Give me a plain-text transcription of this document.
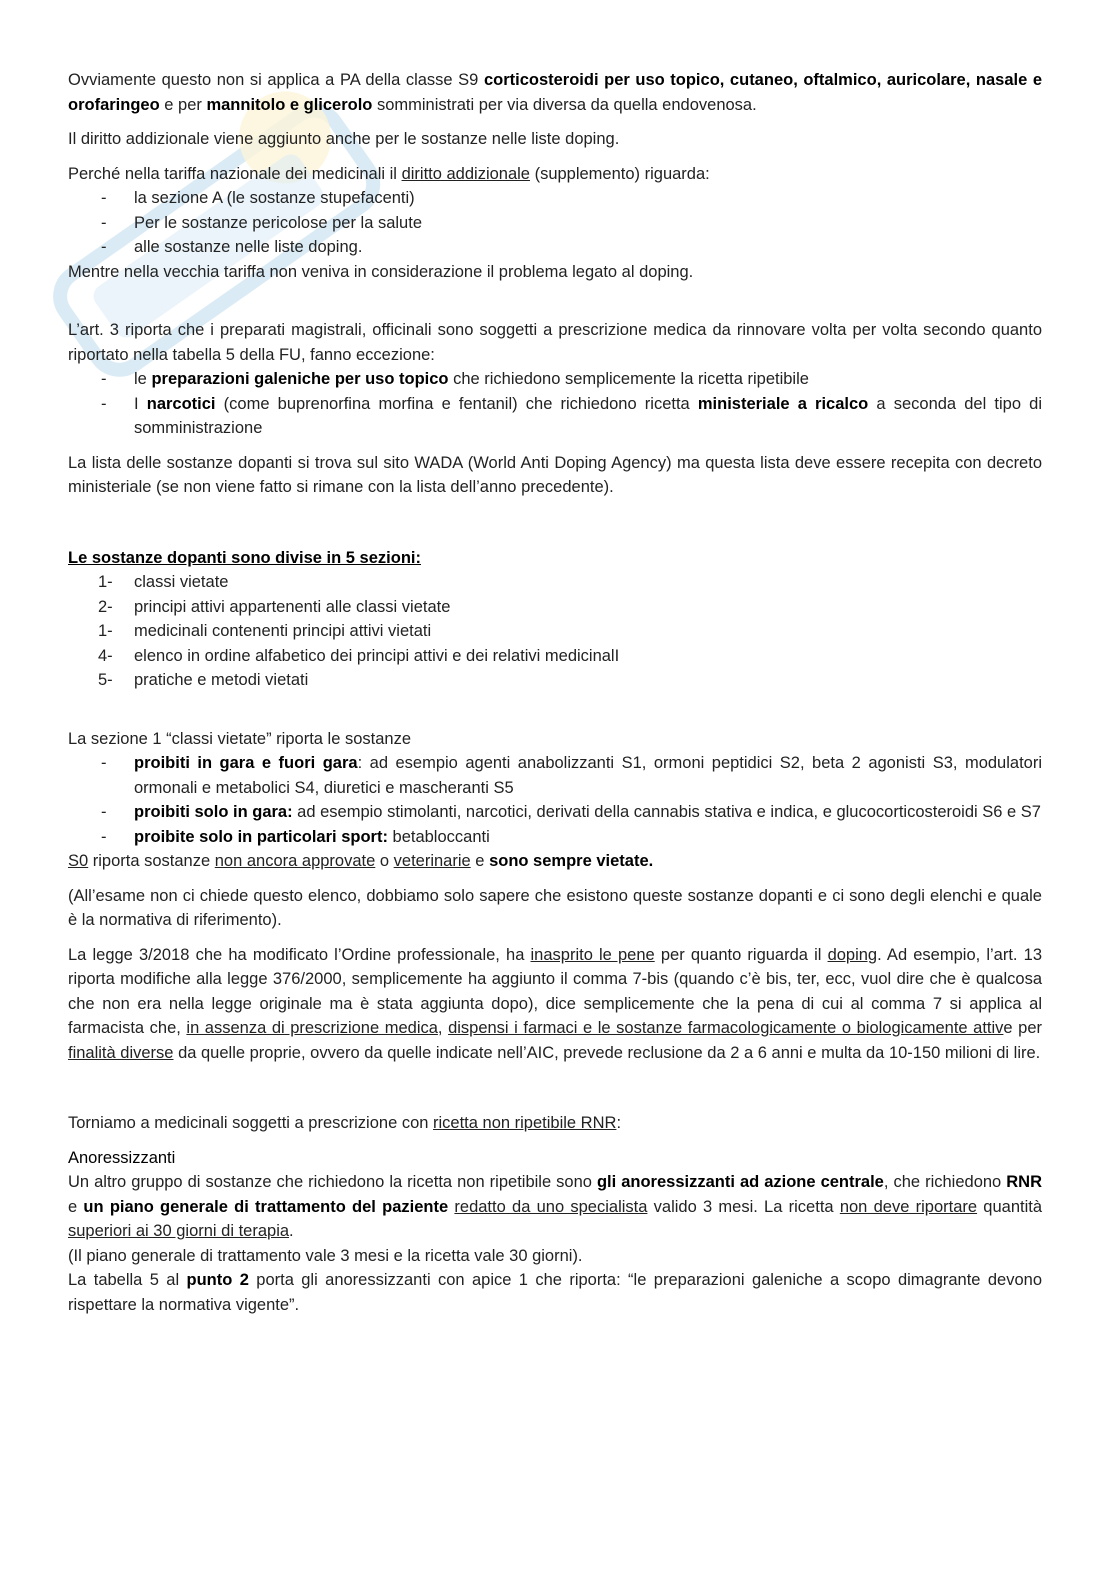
Ovviamente questo non si applica a PA della classe S9 corticosteroidi per uso topico, cutaneo, oftalmico, auricolare, nasale e orofaringeo e per mannitolo e glicerolo somministrati per via diversa da quella endovenosa.

Il diritto addizionale viene aggiunto anche per le sostanze nelle liste doping.

Perché nella tariffa nazionale dei medicinali il diritto addizionale (supplemento) riguarda:

- la sezione A (le sostanze stupefacenti)
- Per le sostanze pericolose per la salute
- alle sostanze nelle liste doping.

Mentre nella vecchia tariffa non veniva in considerazione il problema legato al doping.

L’art. 3 riporta che i preparati magistrali, officinali sono soggetti a prescrizione medica da rinnovare volta per volta secondo quanto riportato nella tabella 5 della FU, fanno eccezione:

- le preparazioni galeniche per uso topico che richiedono semplicemente la ricetta ripetibile
- I narcotici (come buprenorfina morfina e fentanil) che richiedono ricetta ministeriale a ricalco a seconda del tipo di somministrazione

La lista delle sostanze dopanti si trova sul sito WADA (World Anti Doping Agency) ma questa lista deve essere recepita con decreto ministeriale (se non viene fatto si rimane con la lista dell’anno precedente).

Le sostanze dopanti sono divise in 5 sezioni:

1- classi vietate
2- principi attivi appartenenti alle classi vietate
1- medicinali contenenti principi attivi vietati
4- elenco in ordine alfabetico dei principi attivi e dei relativi medicinalI
5- pratiche e metodi vietati

La sezione 1 “classi vietate” riporta le sostanze

- proibiti in gara e fuori gara: ad esempio agenti anabolizzanti S1, ormoni peptidici S2, beta 2 agonisti S3, modulatori ormonali e metabolici S4, diuretici e mascheranti S5
- proibiti solo in gara: ad esempio stimolanti, narcotici, derivati della cannabis stativa e indica, e glucocorticosteroidi S6 e S7
- proibite solo in particolari sport: betabloccanti

S0 riporta sostanze non ancora approvate o veterinarie e sono sempre vietate.

(All’esame non ci chiede questo elenco, dobbiamo solo sapere che esistono queste sostanze dopanti e ci sono degli elenchi e quale è la normativa di riferimento).

La legge 3/2018 che ha modificato l’Ordine professionale, ha inasprito le pene per quanto riguarda il doping. Ad esempio, l’art. 13 riporta modifiche alla legge 376/2000, semplicemente ha aggiunto il comma 7-bis (quando c’è bis, ter, ecc, vuol dire che è qualcosa che non era nella legge originale ma è stata aggiunta dopo), dice semplicemente che la pena di cui al comma 7 si applica al farmacista che, in assenza di prescrizione medica, dispensi i farmaci e le sostanze farmacologicamente o biologicamente attive per finalità diverse da quelle proprie, ovvero da quelle indicate nell’AIC, prevede reclusione da 2 a 6 anni e multa da 10-150 milioni di lire.

Torniamo a medicinali soggetti a prescrizione con ricetta non ripetibile RNR:

Anoressizzanti

Un altro gruppo di sostanze che richiedono la ricetta non ripetibile sono gli anoressizzanti ad azione centrale, che richiedono RNR e un piano generale di trattamento del paziente redatto da uno specialista valido 3 mesi. La ricetta non deve riportare quantità superiori ai 30 giorni di terapia.

(Il piano generale di trattamento vale 3 mesi e la ricetta vale 30 giorni).

La tabella 5 al punto 2 porta gli anoressizzanti con apice 1 che riporta: “le preparazioni galeniche a scopo dimagrante devono rispettare la normativa vigente”.
